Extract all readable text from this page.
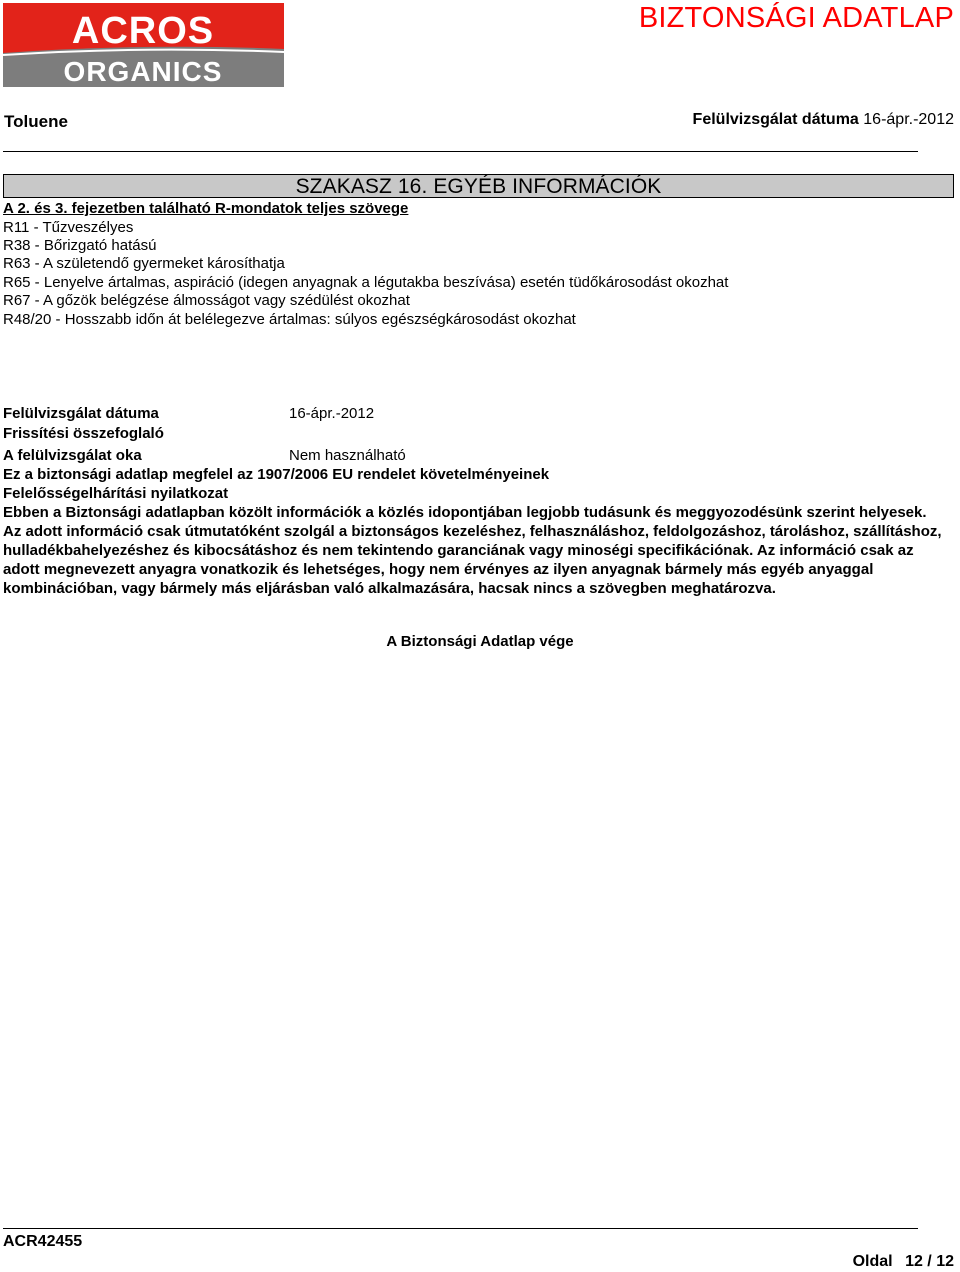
ACROS
ORGANICS
BIZTONSÁGI ADATLAP
Toluene	Felülvizsgálat dátuma 16-ápr.-2012
SZAKASZ 16. EGYÉB INFORMÁCIÓK
A 2. és 3. fejezetben található R-mondatok teljes szövege
R11 - Tűzveszélyes
R38 - Bőrizgató hatású
R63 - A születendő gyermeket károsíthatja
R65 - Lenyelve ártalmas, aspiráció (idegen anyagnak a légutakba beszívása) esetén tüdőkárosodást okozhat
R67 - A gőzök belégzése álmosságot vagy szédülést okozhat
R48/20 - Hosszabb időn át belélegezve ártalmas: súlyos egészségkárosodást okozhat
Felülvizsgálat dátuma	16-ápr.-2012
Frissítési összefoglaló
A felülvizsgálat oka	Nem használható
Ez a biztonsági adatlap megfelel az 1907/2006 EU rendelet követelményeinek
Felelősségelhárítási nyilatkozat
Ebben a Biztonsági adatlapban közölt információk a közlés idopontjában legjobb tudásunk és meggyozodésünk szerint helyesek. Az adott információ csak útmutatóként szolgál a biztonságos kezeléshez, felhasználáshoz, feldolgozáshoz, tároláshoz, szállításhoz, hulladékbahelyezéshez és kibocsátáshoz és nem tekintendo garanciának vagy minoségi specifikációnak. Az információ csak az adott megnevezett anyagra vonatkozik és lehetséges, hogy nem érvényes az ilyen anyagnak bármely más egyéb anyaggal kombinációban, vagy bármely más eljárásban való alkalmazására, hacsak nincs a szövegben meghatározva.
A Biztonsági Adatlap vége
ACR42455
Oldal 12 / 12
